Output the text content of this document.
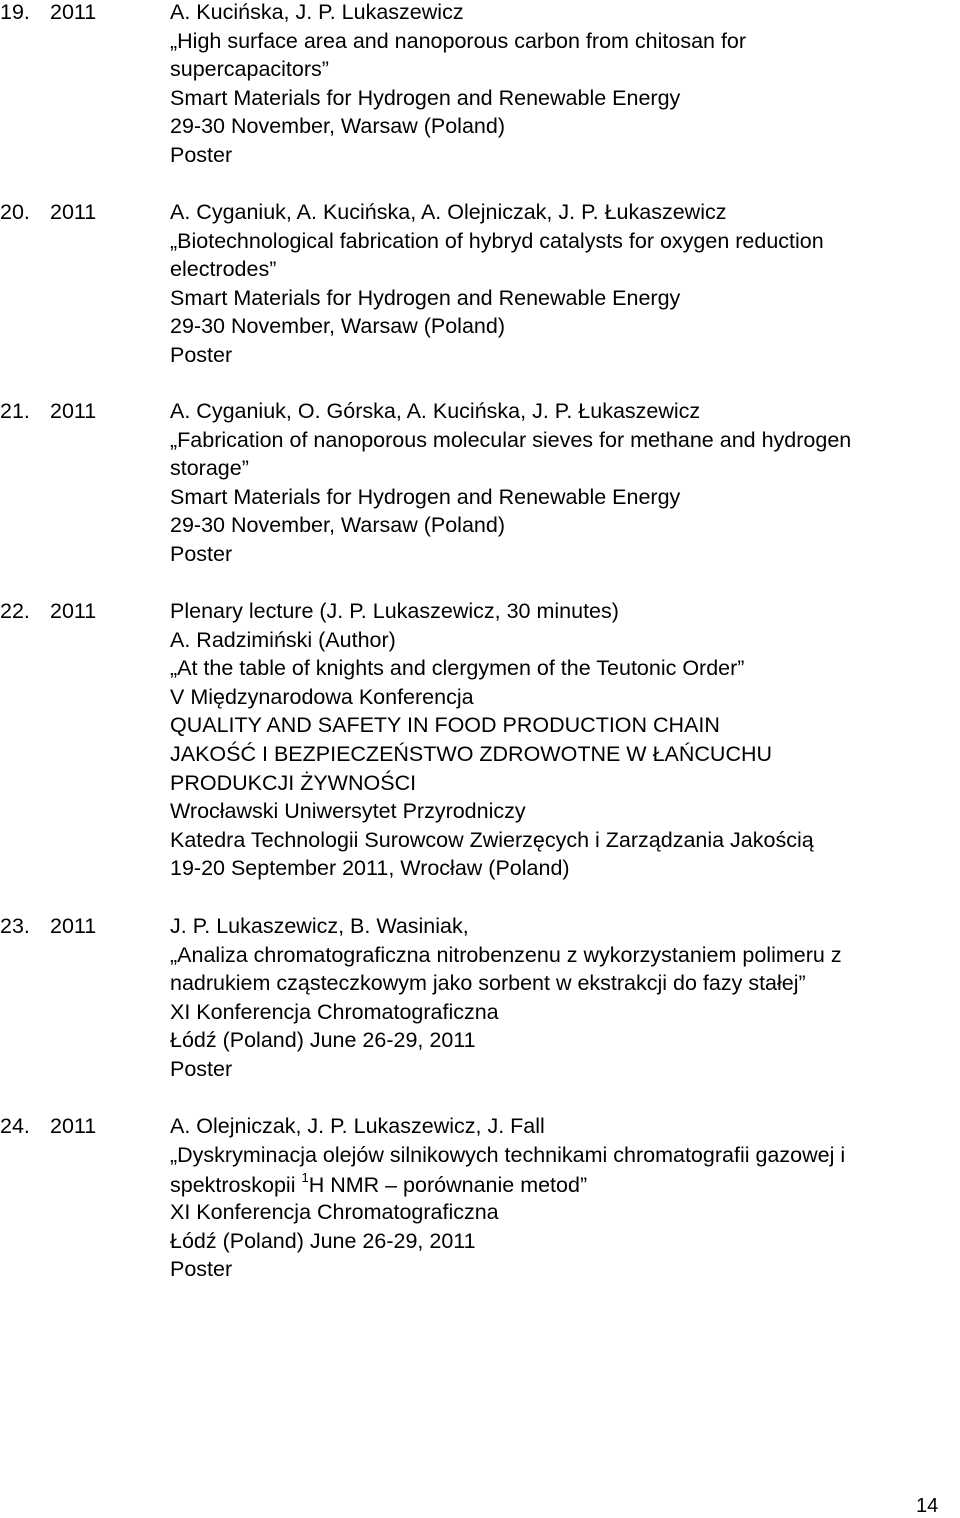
19. 2011	A. Kucińska, J. P. Lukaszewicz
„High surface area and nanoporous carbon from chitosan for
supercapacitors”
Smart Materials for Hydrogen and Renewable Energy
29-30 November, Warsaw (Poland)
Poster
20. 2011	A. Cyganiuk, A. Kucińska, A. Olejniczak, J. P. Łukaszewicz
„Biotechnological fabrication of hybryd catalysts for oxygen reduction
electrodes”
Smart Materials for Hydrogen and Renewable Energy
29-30 November, Warsaw (Poland)
Poster
21. 2011	A. Cyganiuk, O. Górska, A. Kucińska, J. P. Łukaszewicz
„Fabrication of nanoporous molecular sieves for methane and hydrogen
storage”
Smart Materials for Hydrogen and Renewable Energy
29-30 November, Warsaw (Poland)
Poster
22. 2011	Plenary lecture (J. P. Lukaszewicz, 30 minutes)
A. Radzimiński (Author)
„At the table of knights and clergymen of the Teutonic Order”
V Międzynarodowa Konferencja
QUALITY AND SAFETY IN FOOD PRODUCTION CHAIN
JAKOŚĆ I BEZPIECZEŃSTWO ZDROWOTNE W ŁAŃCUCHU
PRODUKCJI ŻYWNOŚCI
Wrocławski Uniwersytet Przyrodniczy
Katedra Technologii Surowcow Zwierzęcych i Zarządzania Jakością
19-20 September 2011, Wrocław (Poland)
23. 2011	J. P. Lukaszewicz, B. Wasiniak,
„Analiza chromatograficzna nitrobenzenu z wykorzystaniem polimeru z
nadrukiem cząsteczkowym jako sorbent w ekstrakcji do fazy stałej”
XI Konferencja Chromatograficzna
Łódź (Poland) June 26-29, 2011
Poster
24. 2011	A. Olejniczak, J. P. Lukaszewicz, J. Fall
„Dyskryminacja olejów silnikowych technikami chromatografii gazowej i
spektroskopii $^1$H NMR – porównanie metod”
XI Konferencja Chromatograficzna
Łódź (Poland) June 26-29, 2011
Poster
14
